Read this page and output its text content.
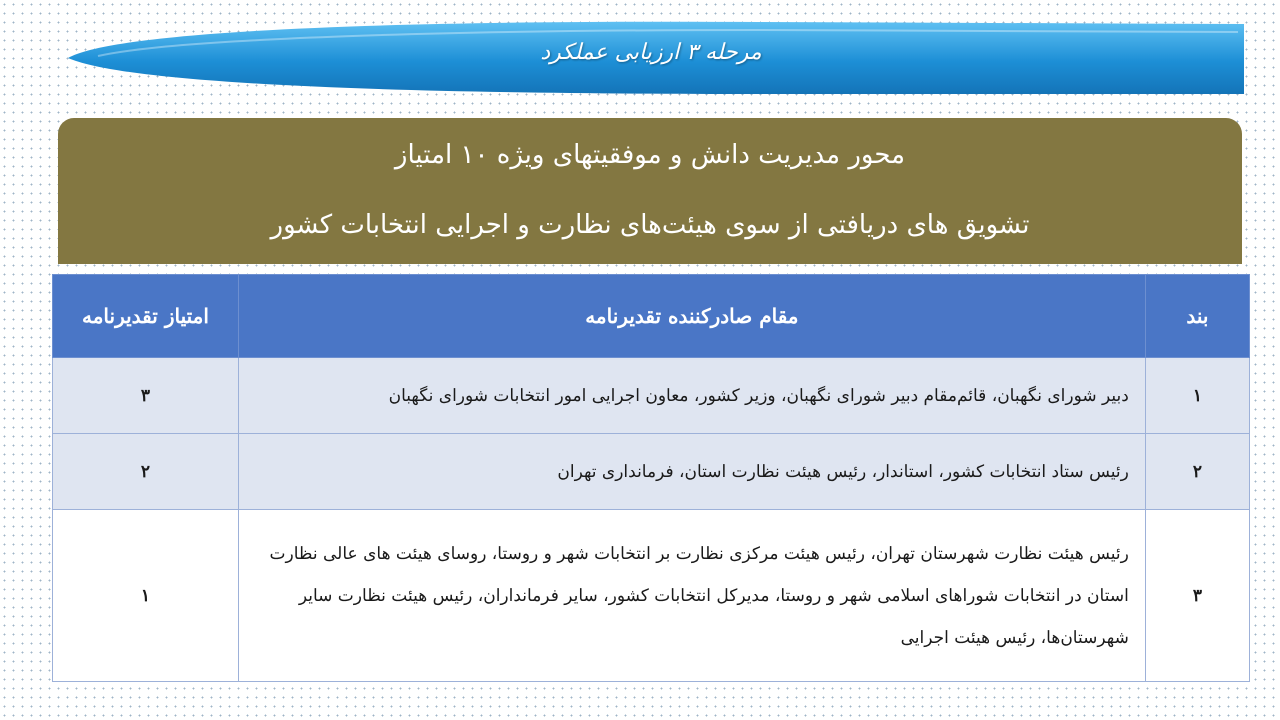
مرحله ۳ ارزیابی عملکرد
محور مدیریت دانش و موفقیتهای ویژه ۱۰ امتیاز
تشویق های دریافتی از سوی هیئت‌های نظارت و اجرایی انتخابات کشور
بند	مقام صادرکننده تقدیرنامه	امتیاز تقدیرنامه
۱	دبیر شورای نگهبان، قائم‌مقام دبیر شورای نگهبان، وزیر کشور، معاون اجرایی امور انتخابات شورای نگهبان	۳
۲	رئیس ستاد انتخابات کشور، استاندار، رئیس هیئت نظارت استان، فرمانداری تهران	۲
۳	رئیس هیئت نظارت شهرستان تهران، رئیس هیئت مرکزی نظارت بر انتخابات شهر و روستا، روسای هیئت های عالی نظارت استان در انتخابات شوراهای اسلامی شهر و روستا، مدیرکل انتخابات کشور، سایر فرمانداران، رئیس هیئت نظارت سایر شهرستان‌ها، رئیس هیئت اجرایی	۱
